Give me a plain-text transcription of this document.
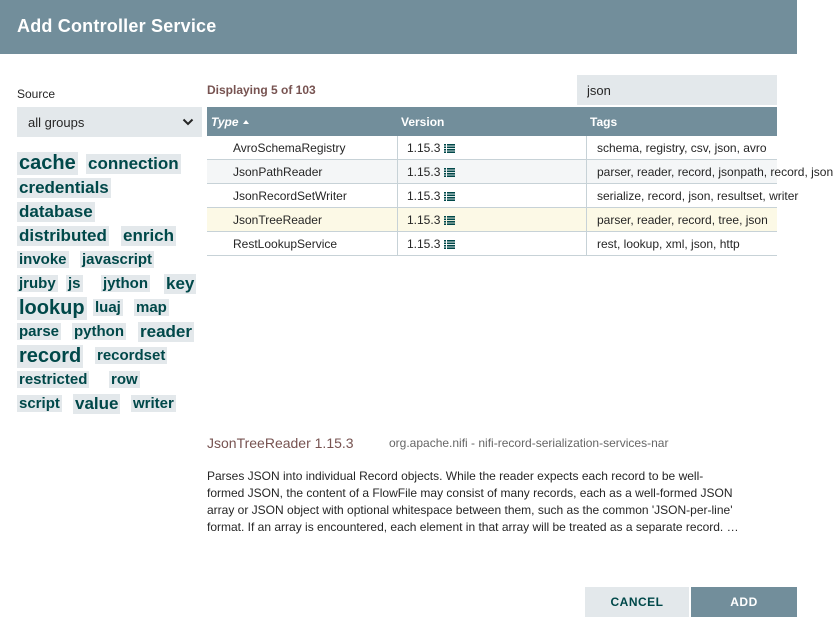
Add Controller Service
Source
all groups
cache connection
credentials
database
distributed enrich
invoke javascript
jruby js jython key
lookup luaj map
parse python reader
record recordset
restricted row
script value writer
Displaying 5 of 103
json
Type	Version	Tags
AvroSchemaRegistry	1.15.3	schema, registry, csv, json, avro
JsonPathReader	1.15.3	parser, reader, record, jsonpath, record, json
JsonRecordSetWriter	1.15.3	serialize, record, json, resultset, writer
JsonTreeReader	1.15.3	parser, reader, record, tree, json
RestLookupService	1.15.3	rest, lookup, xml, json, http
JsonTreeReader 1.15.3	org.apache.nifi - nifi-record-serialization-services-nar
Parses JSON into individual Record objects. While the reader expects each record to be well-
formed JSON, the content of a FlowFile may consist of many records, each as a well-formed JSON
array or JSON object with optional whitespace between them, such as the common 'JSON-per-line'
format. If an array is encountered, each element in that array will be treated as a separate record. …
CANCEL	ADD
